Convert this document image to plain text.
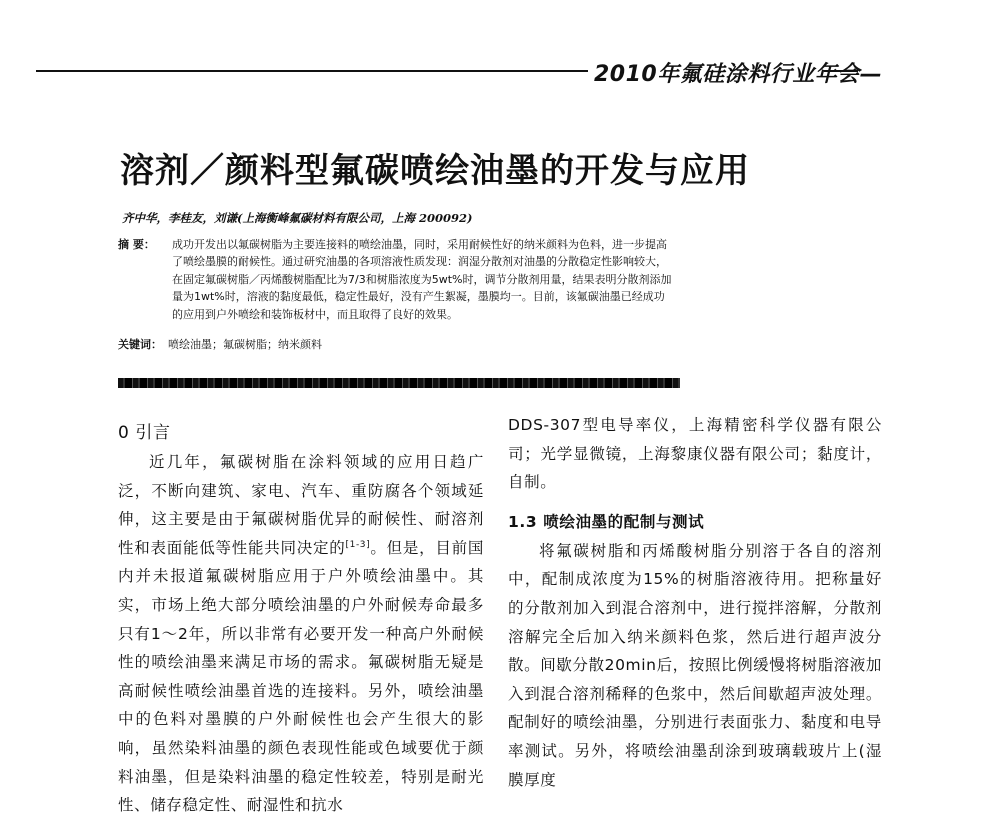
2010年氟硅涂料行业年会—
溶剂／颜料型氟碳喷绘油墨的开发与应用
齐中华，李桂友，刘谦(上海衡峰氟碳材料有限公司，上海 200092)
摘 要：	成功开发出以氟碳树脂为主要连接料的喷绘油墨，同时，采用耐候性好的纳米颜料为色料，进一步提高

了喷绘墨膜的耐候性。通过研究油墨的各项溶液性质发现：润湿分散剂对油墨的分散稳定性影响较大，

在固定氟碳树脂／丙烯酸树脂配比为7/3和树脂浓度为5wt%时，调节分散剂用量，结果表明分散剂添加

量为1wt%时，溶液的黏度最低，稳定性最好，没有产生絮凝，墨膜均一。目前，该氟碳油墨已经成功

的应用到户外喷绘和装饰板材中，而且取得了良好的效果。

关键词： 喷绘油墨；氟碳树脂；纳米颜料
0 引言

近几年，氟碳树脂在涂料领域的应用日趋广泛，不断向建筑、家电、汽车、重防腐各个领域延伸，这主要是由于氟碳树脂优异的耐候性、耐溶剂性和表面能低等性能共同决定的[1-3]。但是，目前国内并未报道氟碳树脂应用于户外喷绘油墨中。其实，市场上绝大部分喷绘油墨的户外耐候寿命最多只有1～2年，所以非常有必要开发一种高户外耐候性的喷绘油墨来满足市场的需求。氟碳树脂无疑是高耐候性喷绘油墨首选的连接料。另外，喷绘油墨中的色料对墨膜的户外耐候性也会产生很大的影响，虽然染料油墨的颜色表现性能或色域要优于颜料油墨，但是染料油墨的稳定性较差，特别是耐光性、储存稳定性、耐湿性和抗水

DDS-307型电导率仪，上海精密科学仪器有限公司；光学显微镜，上海黎康仪器有限公司；黏度计，自制。

1.3 喷绘油墨的配制与测试

将氟碳树脂和丙烯酸树脂分别溶于各自的溶剂中，配制成浓度为15%的树脂溶液待用。把称量好的分散剂加入到混合溶剂中，进行搅拌溶解，分散剂溶解完全后加入纳米颜料色浆，然后进行超声波分散。间歇分散20min后，按照比例缓慢将树脂溶液加入到混合溶剂稀释的色浆中，然后间歇超声波处理。配制好的喷绘油墨，分别进行表面张力、黏度和电导率测试。另外，将喷绘油墨刮涂到玻璃载玻片上(湿膜厚度
